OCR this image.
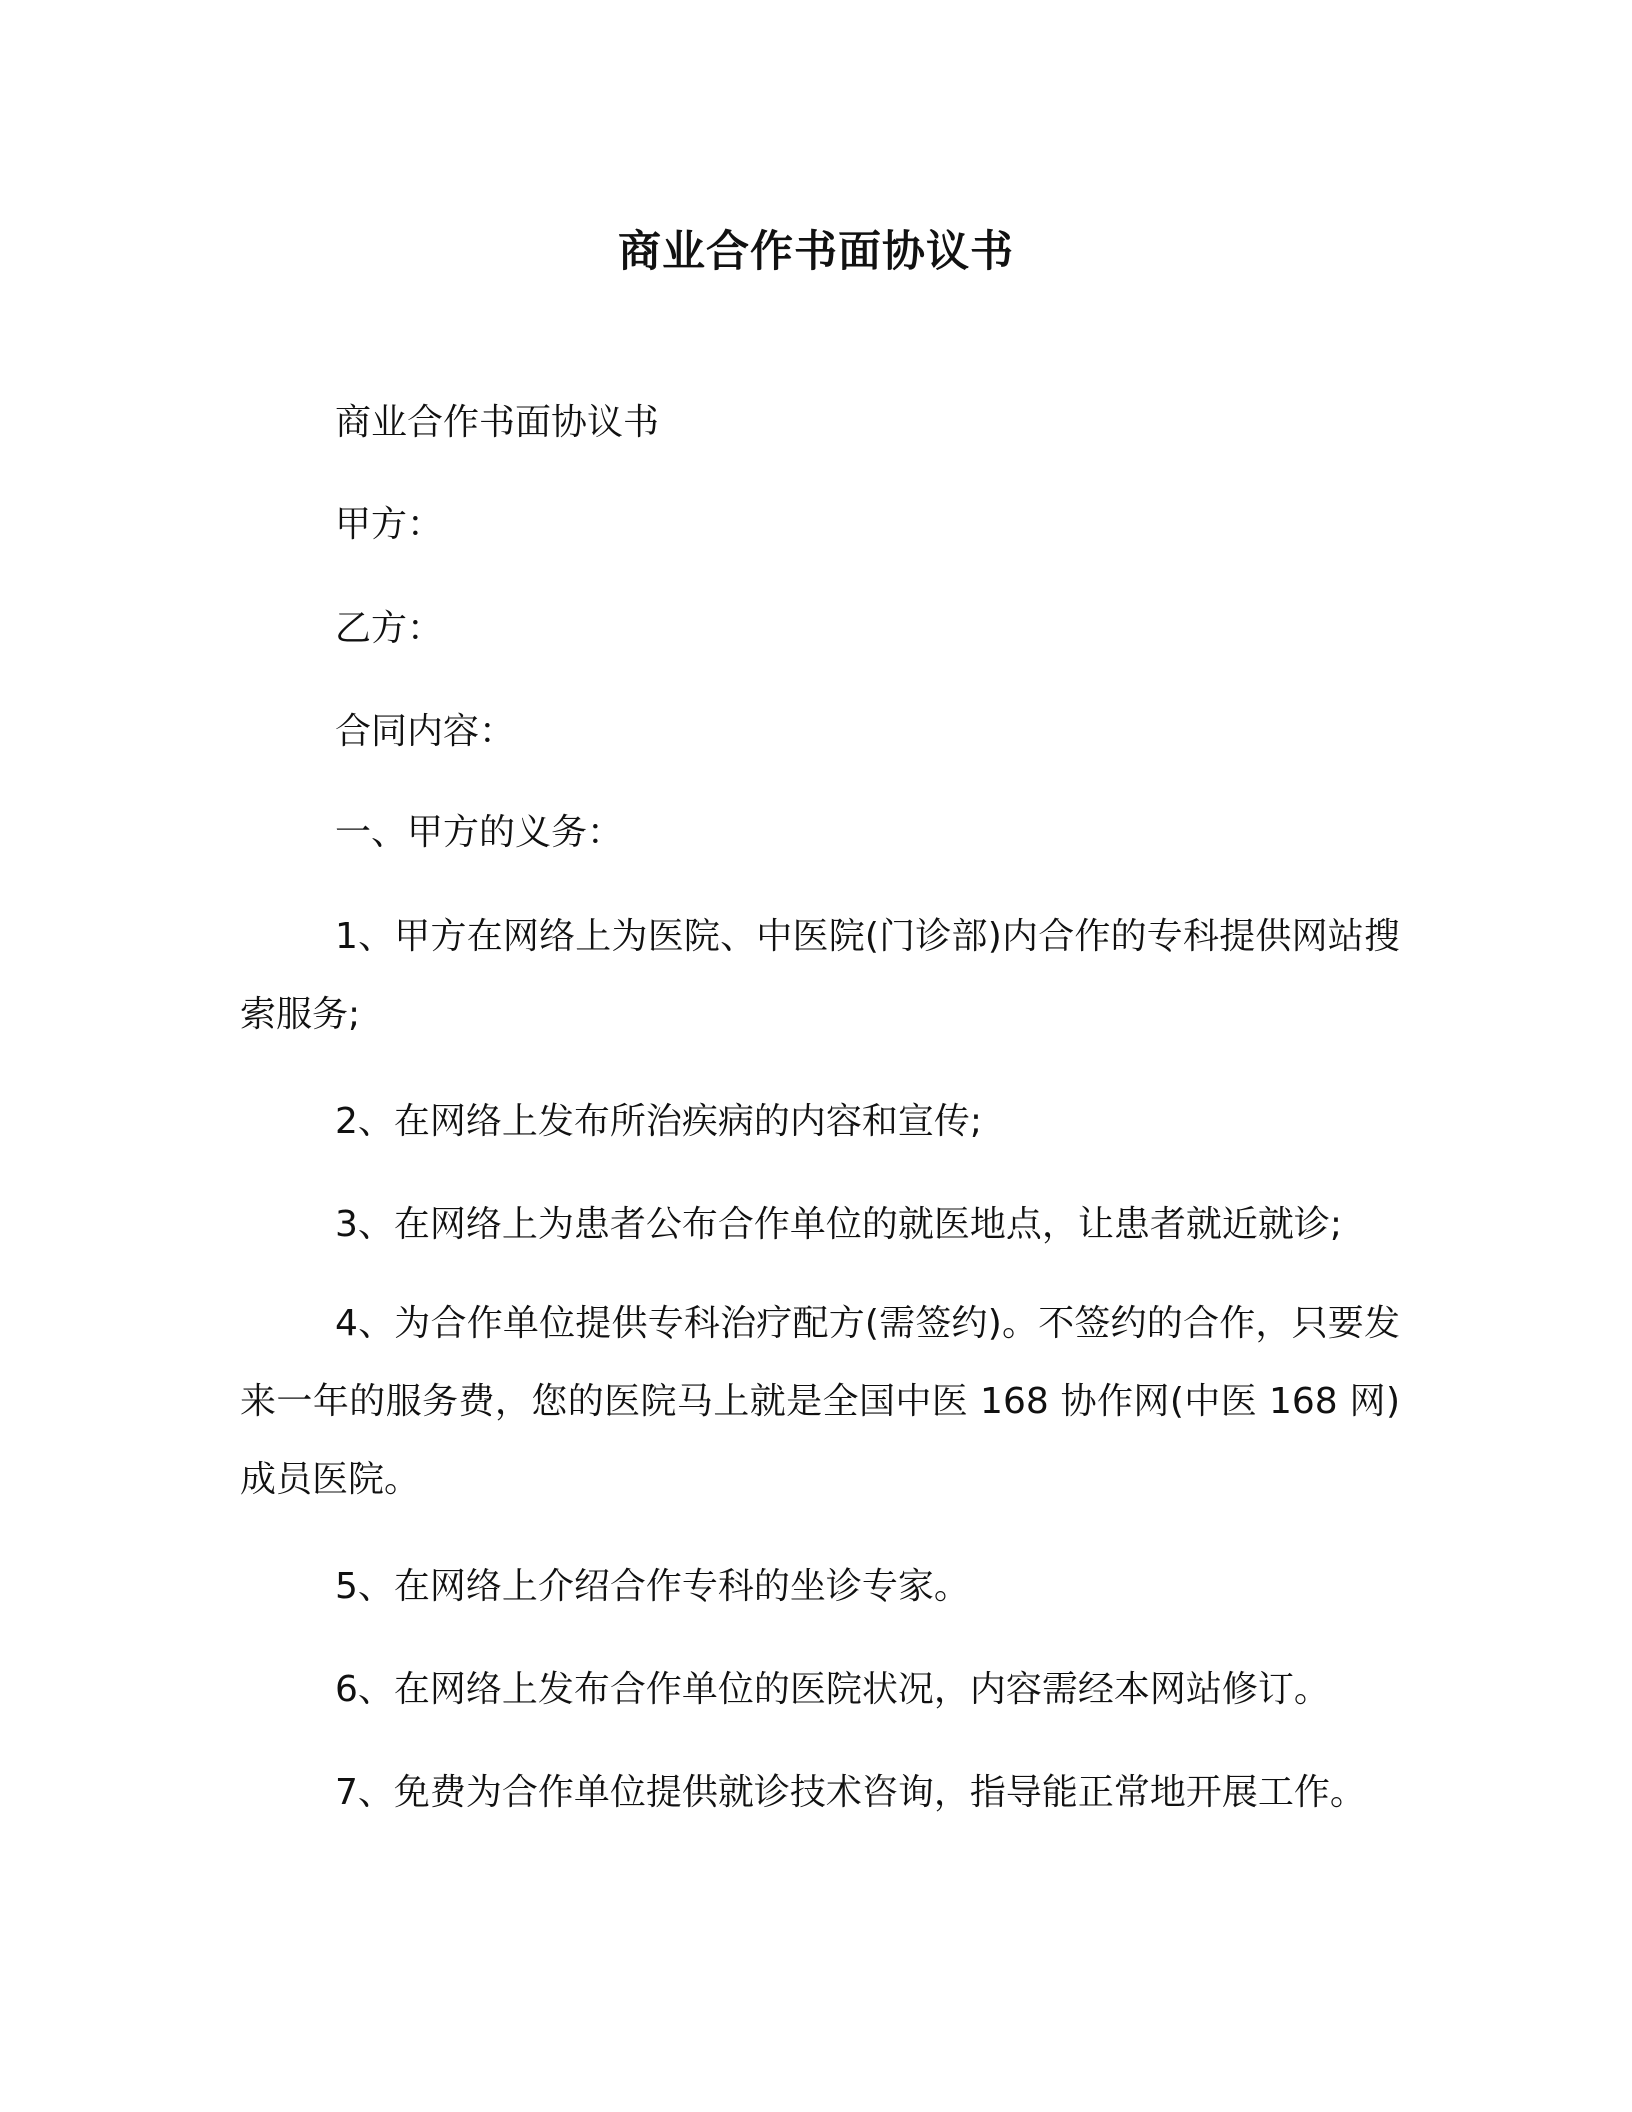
商业合作书面协议书
商业合作书面协议书
甲方：
乙方：
合同内容：
一、甲方的义务：
1、甲方在网络上为医院、中医院(门诊部)内合作的专科提供网站搜索服务;
2、在网络上发布所治疾病的内容和宣传;
3、在网络上为患者公布合作单位的就医地点，让患者就近就诊;
4、为合作单位提供专科治疗配方(需签约)。不签约的合作，只要发来一年的服务费，您的医院马上就是全国中医 168 协作网(中医 168 网)成员医院。
5、在网络上介绍合作专科的坐诊专家。
6、在网络上发布合作单位的医院状况，内容需经本网站修订。
7、免费为合作单位提供就诊技术咨询，指导能正常地开展工作。
